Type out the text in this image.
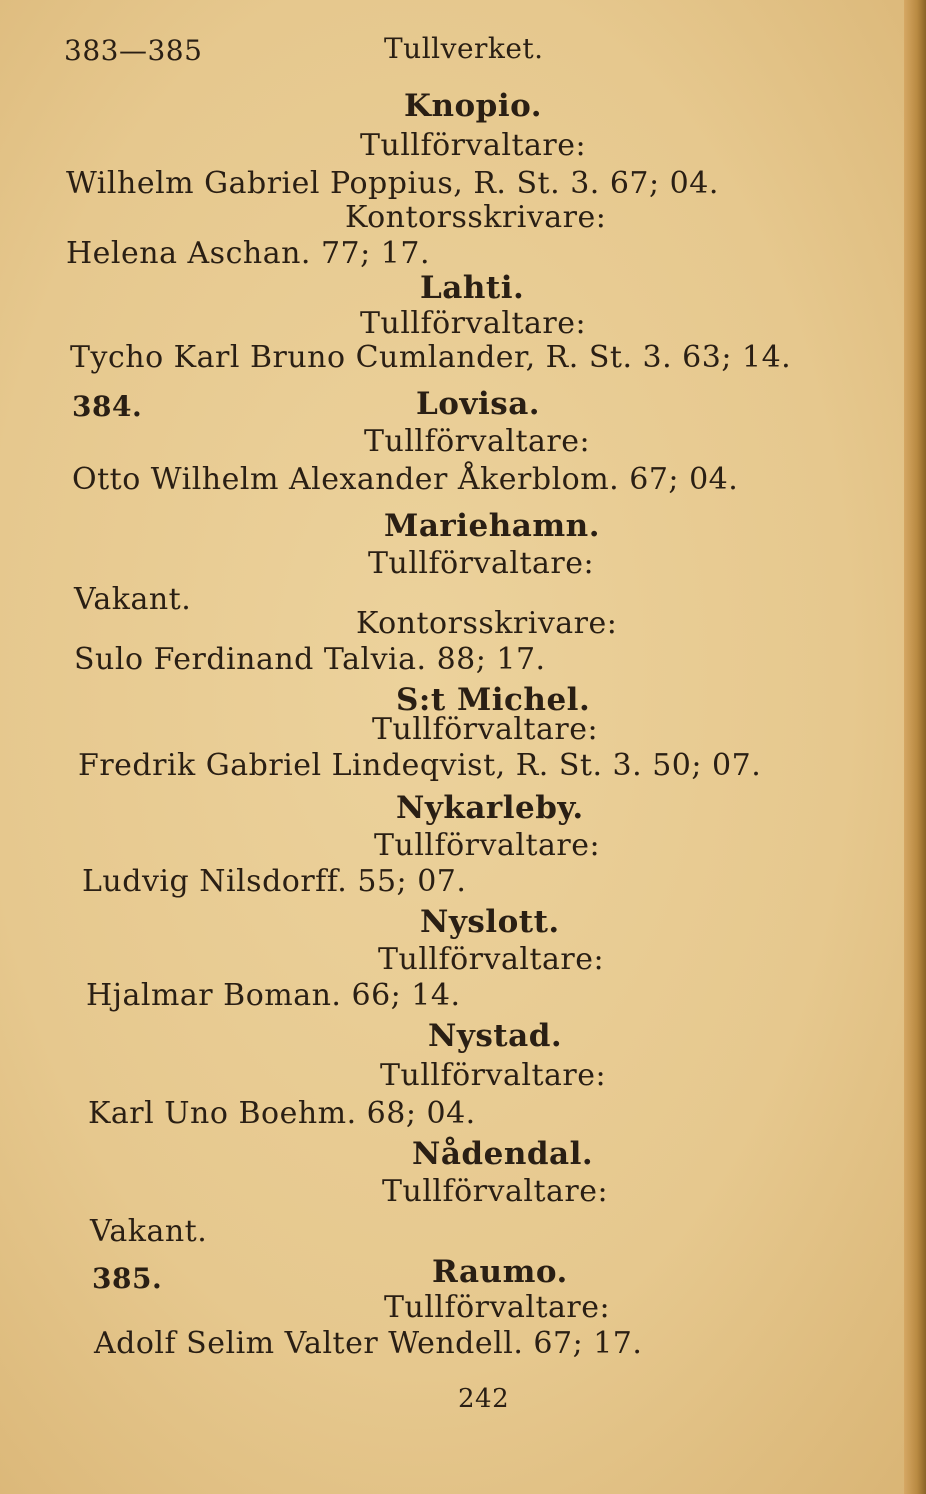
383—385	Tullverket.
Knopio.
Tullförvaltare:
Wilhelm Gabriel Poppius, R. St. 3. 67; 04.
Kontorsskrivare:
Helena Aschan. 77; 17.
Lahti.
Tullförvaltare:
Tycho Karl Bruno Cumlander, R. St. 3. 63; 14.
384.	Lovisa.
Tullförvaltare:
Otto Wilhelm Alexander Åkerblom. 67; 04.
Mariehamn.
Tullförvaltare:
Vakant.
Kontorsskrivare:
Sulo Ferdinand Talvia. 88; 17.
S:t Michel.
Tullförvaltare:
Fredrik Gabriel Lindeqvist, R. St. 3. 50; 07.
Nykarleby.
Tullförvaltare:
Ludvig Nilsdorff. 55; 07.
Nyslott.
Tullförvaltare:
Hjalmar Boman. 66; 14.
Nystad.
Tullförvaltare:
Karl Uno Boehm. 68; 04.
Nådendal.
Tullförvaltare:
Vakant.
385.	Raumo.
Tullförvaltare:
Adolf Selim Valter Wendell. 67; 17.
242
